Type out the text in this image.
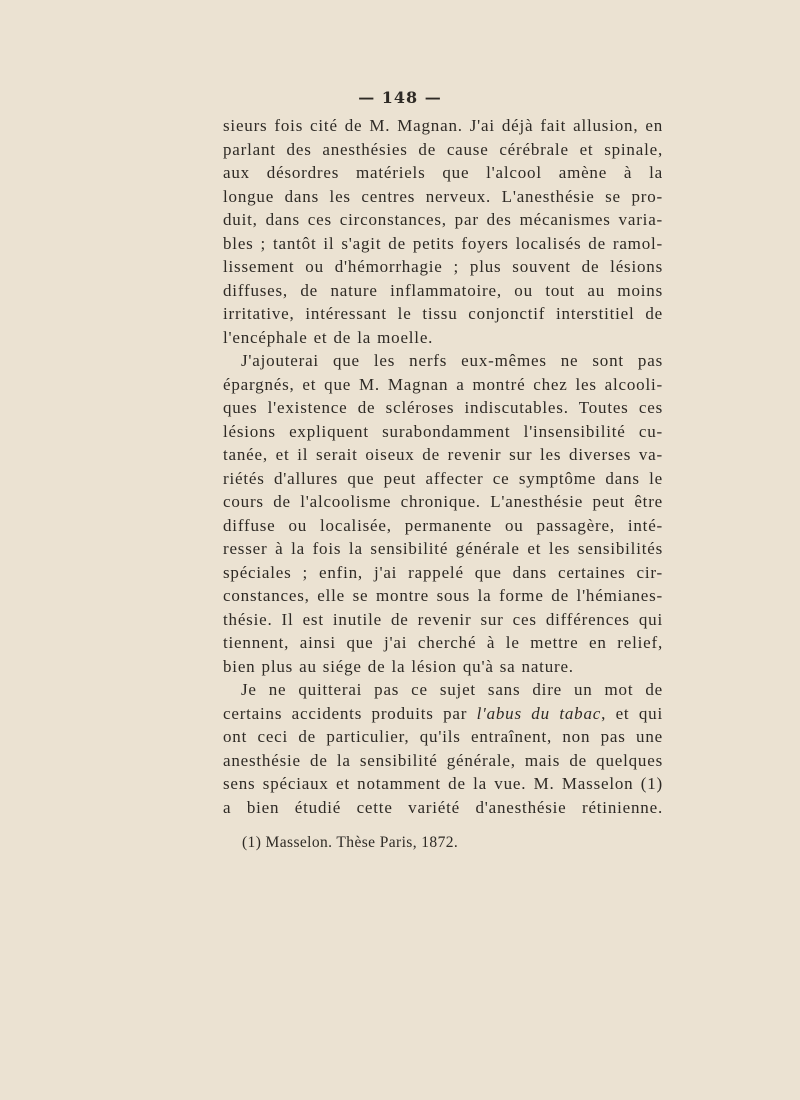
— 148 —
sieurs fois cité de M. Magnan. J'ai déjà fait allusion, en
parlant des anesthésies de cause cérébrale et spinale,
aux désordres matériels que l'alcool amène à la
longue dans les centres nerveux. L'anesthésie se pro-
duit, dans ces circonstances, par des mécanismes varia-
bles ; tantôt il s'agit de petits foyers localisés de ramol-
lissement ou d'hémorrhagie ; plus souvent de lésions
diffuses, de nature inflammatoire, ou tout au moins
irritative, intéressant le tissu conjonctif interstitiel de
l'encéphale et de la moelle.
J'ajouterai que les nerfs eux-mêmes ne sont pas
épargnés, et que M. Magnan a montré chez les alcooli-
ques l'existence de scléroses indiscutables. Toutes ces
lésions expliquent surabondamment l'insensibilité cu-
tanée, et il serait oiseux de revenir sur les diverses va-
riétés d'allures que peut affecter ce symptôme dans le
cours de l'alcoolisme chronique. L'anesthésie peut être
diffuse ou localisée, permanente ou passagère, inté-
resser à la fois la sensibilité générale et les sensibilités
spéciales ; enfin, j'ai rappelé que dans certaines cir-
constances, elle se montre sous la forme de l'hémianes-
thésie. Il est inutile de revenir sur ces différences qui
tiennent, ainsi que j'ai cherché à le mettre en relief,
bien plus au siége de la lésion qu'à sa nature.
Je ne quitterai pas ce sujet sans dire un mot de
certains accidents produits par l'abus du tabac, et qui
ont ceci de particulier, qu'ils entraînent, non pas une
anesthésie de la sensibilité générale, mais de quelques
sens spéciaux et notamment de la vue. M. Masselon (1)
a bien étudié cette variété d'anesthésie rétinienne.
(1) Masselon. Thèse Paris, 1872.
